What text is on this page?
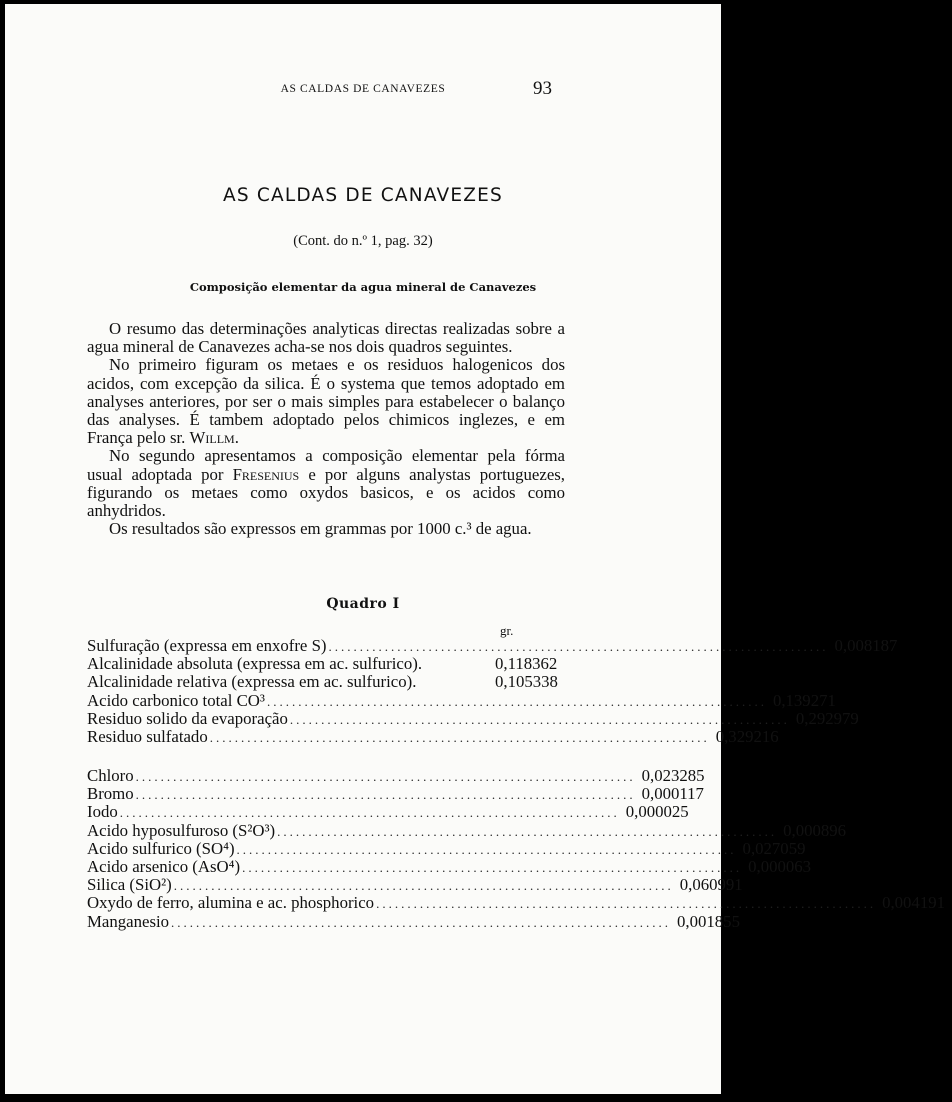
AS CALDAS DE CANAVEZES	93
AS CALDAS DE CANAVEZES
(Cont. do n.º 1, pag. 32)
Composição elementar da agua mineral de Canavezes

O resumo das determinações analyticas directas realizadas sobre a agua mineral de Canavezes acha-se nos dois quadros seguintes.

No primeiro figuram os metaes e os residuos halogenicos dos acidos, com excepção da silica. É o systema que temos adoptado em analyses anteriores, por ser o mais simples para estabelecer o balanço das analyses. É tambem adoptado pelos chimicos inglezes, e em França pelo sr. Willm.

No segundo apresentamos a composição elementar pela fórma usual adoptada por Fresenius e por alguns analystas portuguezes, figurando os metaes como oxydos basicos, e os acidos como anhydridos.

Os resultados são expressos em grammas por 1000 c.³ de agua.

Quadro I
gr.
Sulfuração (expressa em enxofre S) ................................................................................ 0,008187
Alcalinidade absoluta (expressa em ac. sulfurico).	0,118362
Alcalinidade relativa (expressa em ac. sulfurico).	0,105338
Acido carbonico total CO³ ................................................................................ 0,139271
Residuo solido da evaporação ................................................................................ 0,292979
Residuo sulfatado ................................................................................ 0,329216
Chloro ................................................................................ 0,023285
Bromo ................................................................................ 0,000117
Iodo ................................................................................ 0,000025
Acido hyposulfuroso (S²O³) ................................................................................ 0,000896
Acido sulfurico (SO⁴) ................................................................................ 0,027059
Acido arsenico (AsO⁴) ................................................................................ 0,000063
Silica (SiO²) ................................................................................ 0,060991
Oxydo de ferro, alumina e ac. phosphorico ................................................................................ 0,004191
Manganesio ................................................................................ 0,001855
